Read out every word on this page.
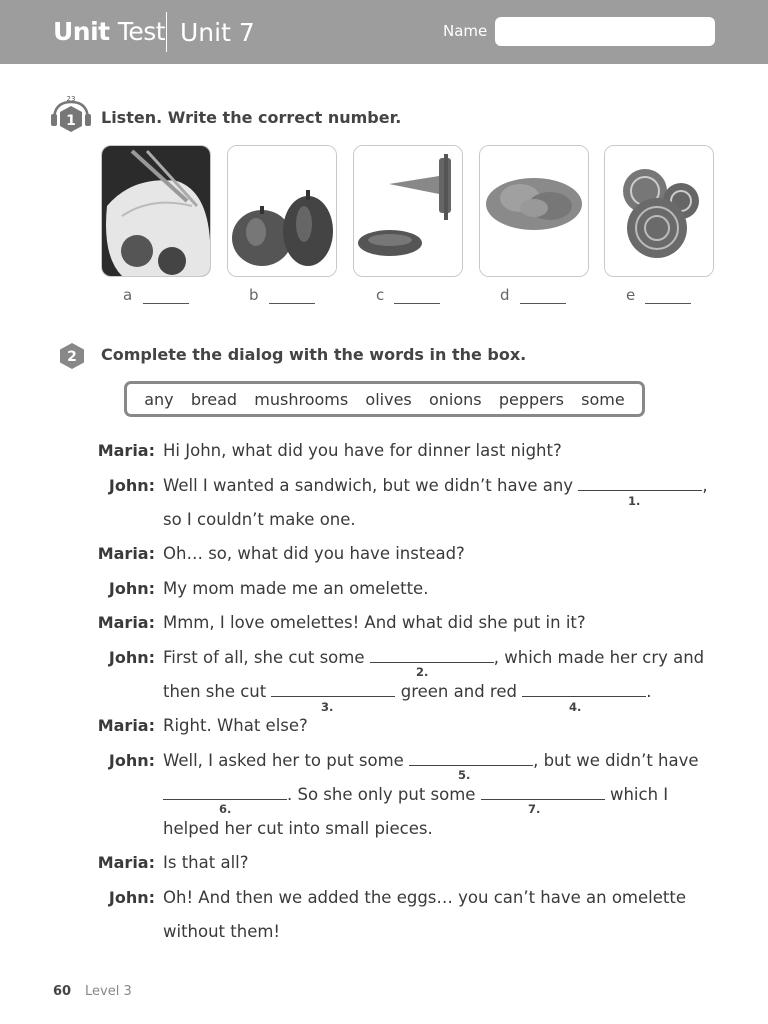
Unit Test Unit 7	Name
1
23
Listen. Write the correct number.
a	b	c	d	e
2 Complete the dialog with the words in the box.
any bread mushrooms olives onions peppers some
Maria: Hi John, what did you have for dinner last night?
John: Well I wanted a sandwich, but we didn’t have any	,
1.
so I couldn’t make one.
Maria: Oh… so, what did you have instead?
John: My mom made me an omelette.
Maria: Mmm, I love omelettes! And what did she put in it?
John: First of all, she cut some	, which made her cry and
2.
then she cut	green and red	.
3.	4.
Maria: Right. What else?
John: Well, I asked her to put some	, but we didn’t have
5.
. So she only put some	which I
6.	7.
helped her cut into small pieces.
Maria: Is that all?
John: Oh! And then we added the eggs… you can’t have an omelette
without them!
60 Level 3
